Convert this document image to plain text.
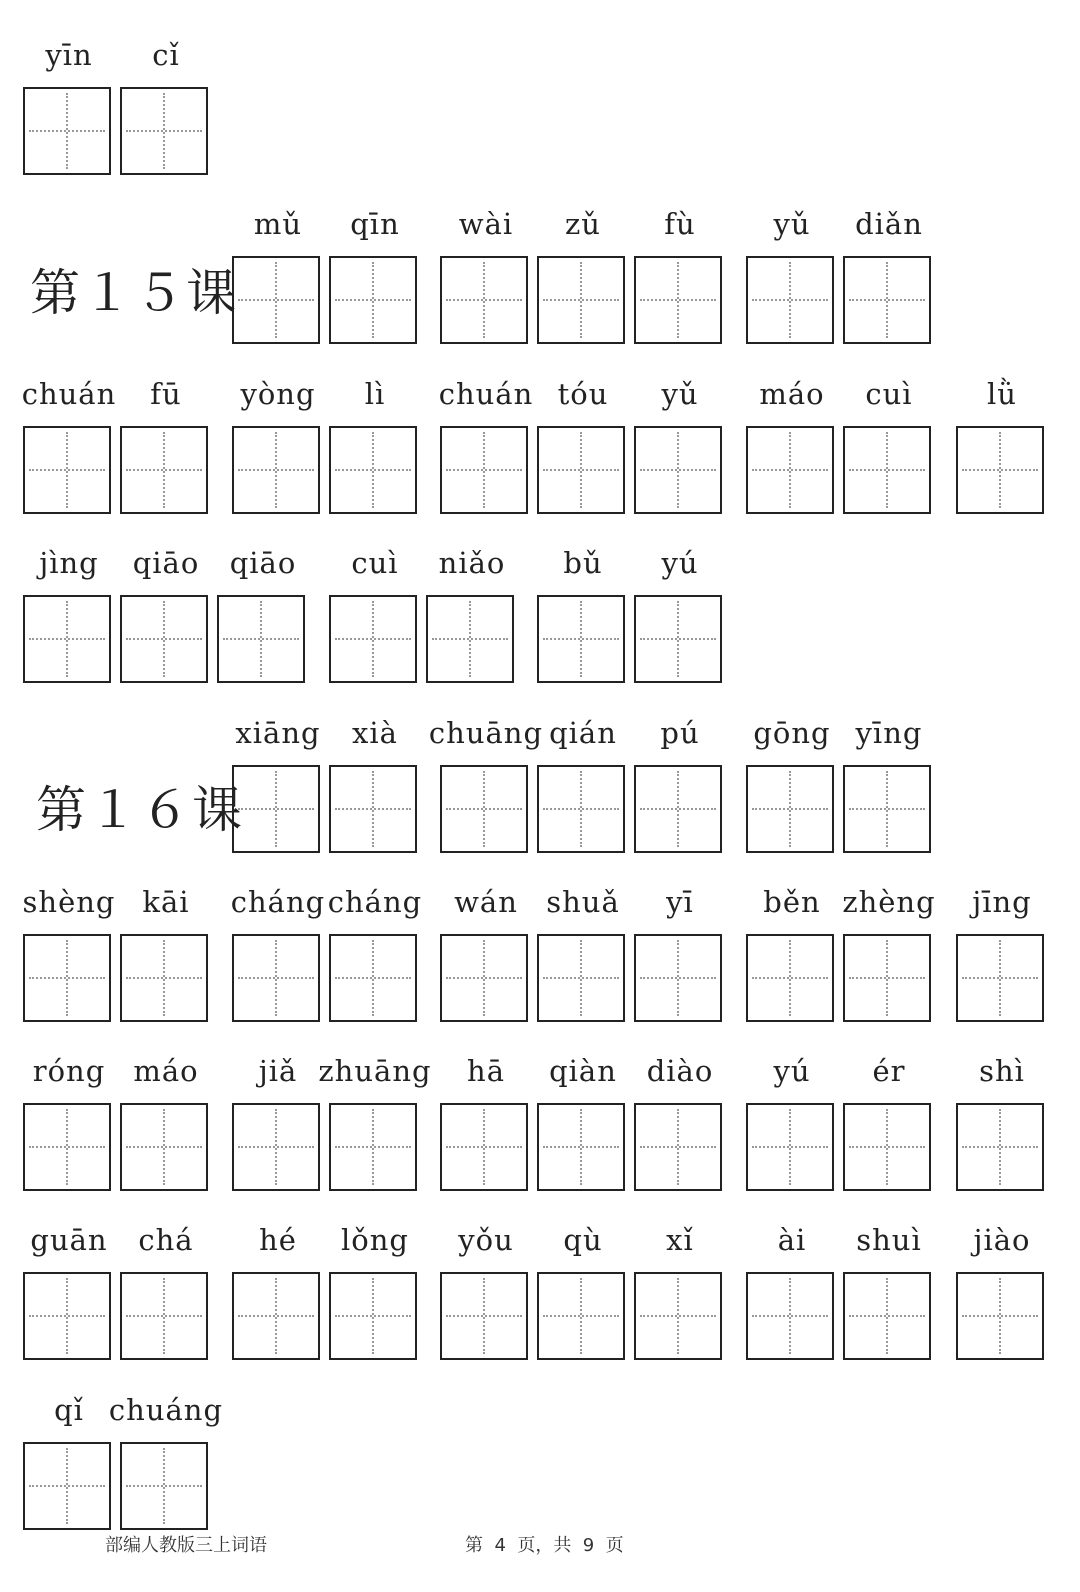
第１５课
第１６课
yīn	cǐ
mǔ	qīn	wài	zǔ	fù	yǔ	diǎn
chuán	fū	yòng	lì	chuán tóu	yǔ	máo	cuì	lǜ
jìng	qiāo	qiāo	cuì	niǎo	bǔ	yú
xiāng	xià	chuāng qián	pú	gōng yīng
shèng kāi	cháng cháng	wán shuǎ	yī	běn zhèng	jīng
róng máo	jiǎ zhuāng	hā	qiàn	diào	yú	ér	shì
guān	chá	hé	lǒng	yǒu	qù	xǐ	ài	shuì	jiào
qǐ chuáng
部编人教版三上词语	第  4  页，共  9  页
